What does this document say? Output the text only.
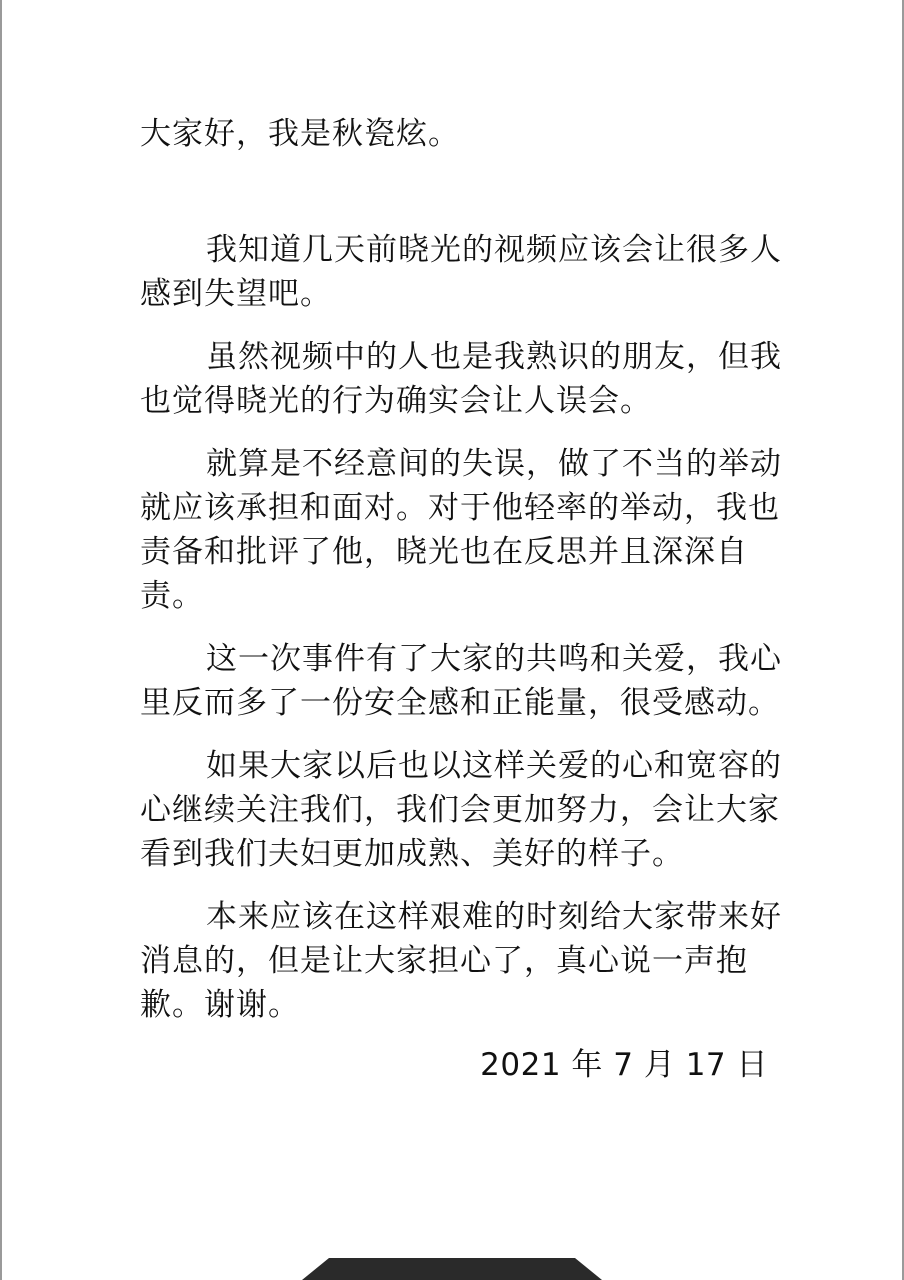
大家好，我是秋瓷炫。

我知道几天前晓光的视频应该会让很多人感到失望吧。

虽然视频中的人也是我熟识的朋友，但我也觉得晓光的行为确实会让人误会。

就算是不经意间的失误，做了不当的举动就应该承担和面对。对于他轻率的举动，我也责备和批评了他，晓光也在反思并且深深自责。

这一次事件有了大家的共鸣和关爱，我心里反而多了一份安全感和正能量，很受感动。

如果大家以后也以这样关爱的心和宽容的心继续关注我们，我们会更加努力，会让大家看到我们夫妇更加成熟、美好的样子。

本来应该在这样艰难的时刻给大家带来好消息的，但是让大家担心了，真心说一声抱歉。谢谢。

2021 年 7 月 17 日
